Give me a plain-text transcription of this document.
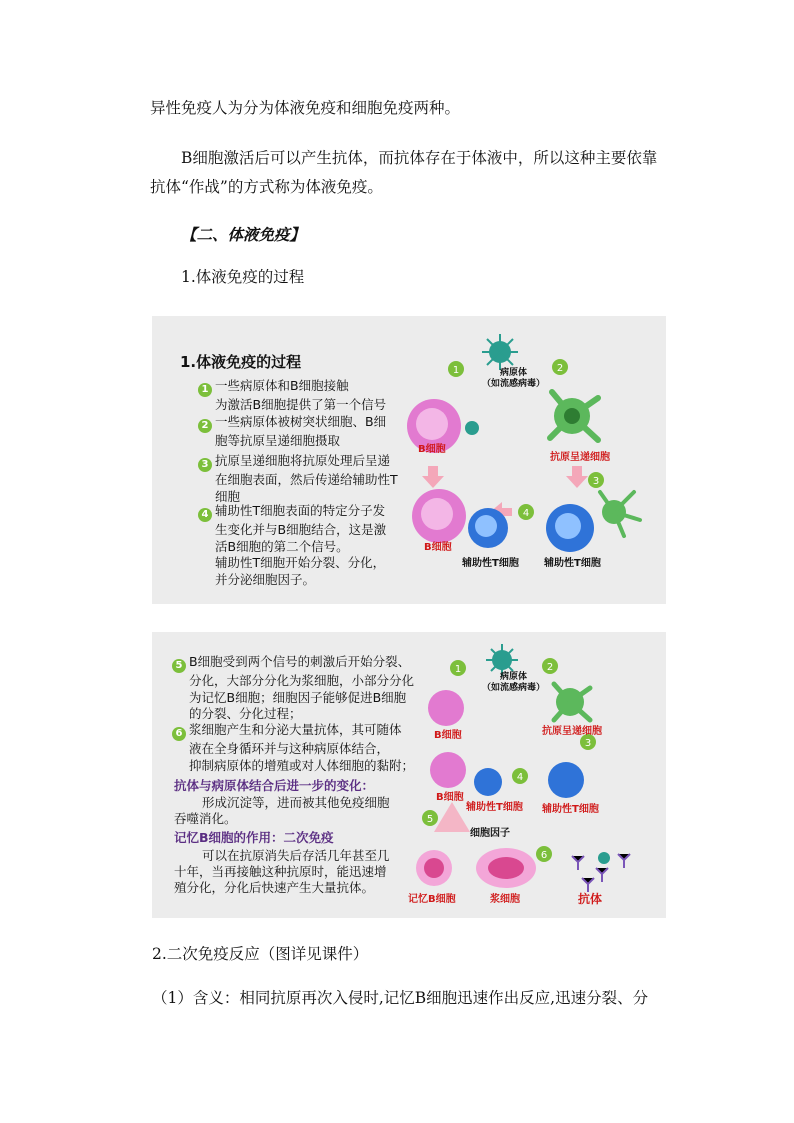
异性免疫人为分为体液免疫和细胞免疫两种。
B细胞激活后可以产生抗体，而抗体存在于体液中，所以这种主要依靠
抗体“作战”的方式称为体液免疫。
【二、体液免疫】
1.体液免疫的过程
1.体液免疫的过程
1 一些病原体和B细胞接触
为激活B细胞提供了第一个信号
2 一些病原体被树突状细胞、B细
胞等抗原呈递细胞摄取
3 抗原呈递细胞将抗原处理后呈递
在细胞表面，然后传递给辅助性T
细胞
4 辅助性T细胞表面的特定分子发
生变化并与B细胞结合，这是激
活B细胞的第二个信号。
辅助性T细胞开始分裂、分化，
并分泌细胞因子。
1	2
3
4
病原体
（如流感病毒）
B细胞
抗原呈递细胞
B细胞
辅助性T细胞	辅助性T细胞
5 B细胞受到两个信号的刺激后开始分裂、
分化，大部分分化为浆细胞，小部分分化
为记忆B细胞；细胞因子能够促进B细胞
的分裂、分化过程；
6 浆细胞产生和分泌大量抗体，其可随体
液在全身循环并与这种病原体结合，
抑制病原体的增殖或对人体细胞的黏附；
抗体与病原体结合后进一步的变化：
形成沉淀等，进而被其他免疫细胞
吞噬消化。
记忆B细胞的作用：二次免疫
可以在抗原消失后存活几年甚至几
十年，当再接触这种抗原时，能迅速增
殖分化，分化后快速产生大量抗体。
1	2
3
4
5
6
病原体
（如流感病毒）
B细胞	抗原呈递细胞
B细胞
辅助性T细胞 辅助性T细胞
细胞因子
记忆B细胞	浆细胞	抗体
2.二次免疫反应（图详见课件）
（1）含义：相同抗原再次入侵时,记忆B细胞迅速作出反应,迅速分裂、分
